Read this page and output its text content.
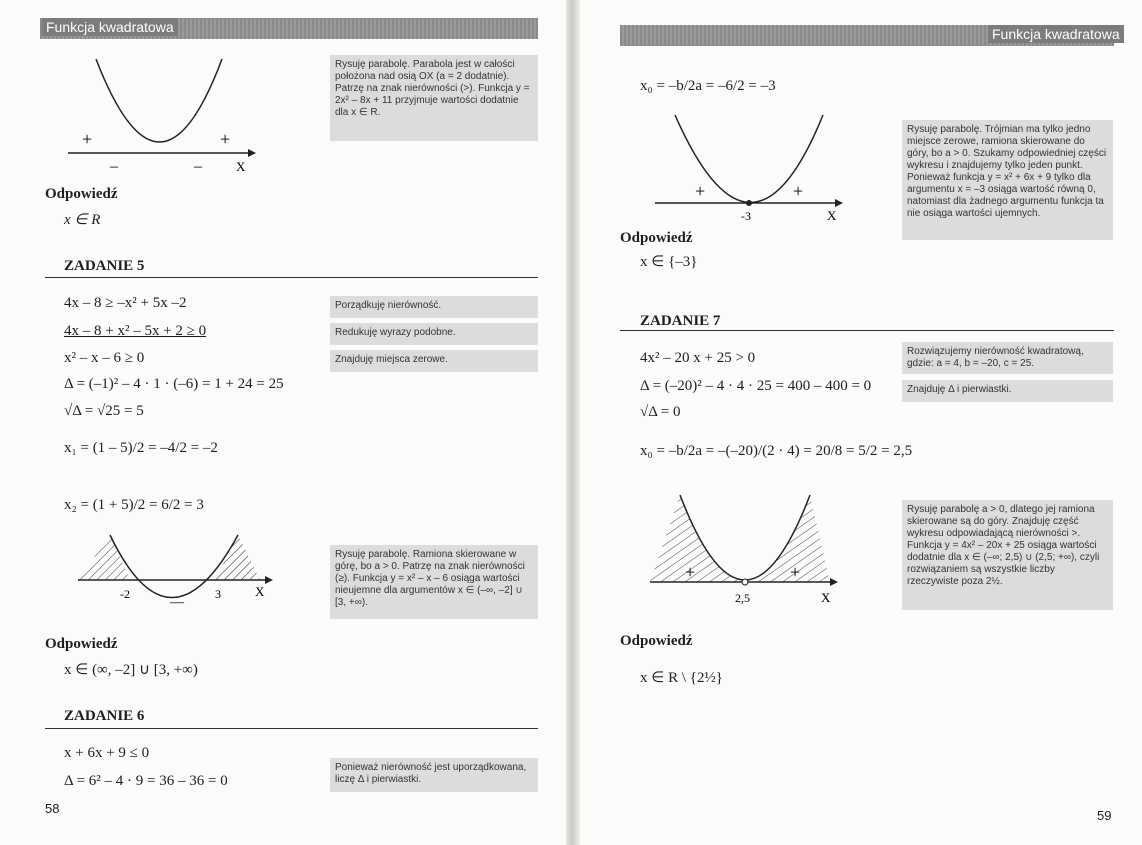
Funkcja kwadratowa
+	+
–	–	X
Rysuję parabolę. Parabola jest w całości położona nad osią OX (a = 2 dodatnie). Patrzę na znak nierówności (>). Funkcja y = 2x² – 8x + 11 przyjmuje wartości dodatnie dla x ∈ R.
Odpowiedź
x ∈ R
ZADANIE 5
4x – 8 ≥ –x² + 5x –2
4x – 8 + x² – 5x + 2 ≥ 0
x² – x – 6 ≥ 0
Δ = (–1)² – 4 · 1 · (–6) = 1 + 24 = 25
√Δ = √25 = 5
x₁ = (1 – 5)/2 = –4/2 = –2
x₂ = (1 + 5)/2 = 6/2 = 3
Porządkuję nierówność.
Redukuję wyrazy podobne.
Znajduję miejsca zerowe.
-2	3
—
X
Rysuję parabolę. Ramiona skierowane w górę, bo a > 0. Patrzę na znak nierówności (≥). Funkcja y = x² – x – 6 osiąga wartości nieujemne dla argumentów x ∈ (–∞, –2] ∪ [3, +∞).
Odpowiedź
x ∈ (∞, –2] ∪ [3, +∞)
ZADANIE 6
x + 6x + 9 ≤ 0
Δ = 6² – 4 · 9 = 36 – 36 = 0
Ponieważ nierówność jest uporządkowana, liczę Δ i pierwiastki.
58
Funkcja kwadratowa
x₀ = –b/2a = –6/2 = –3
+	+
-3	X
Rysuję parabolę. Trójmian ma tylko jedno miejsce zerowe, ramiona skierowane do góry, bo a > 0. Szukamy odpowiedniej części wykresu i znajdujemy tylko jeden punkt. Ponieważ funkcja y = x² + 6x + 9 tylko dla argumentu x = –3 osiąga wartość równą 0, natomiast dla żadnego argumentu funkcja ta nie osiąga wartości ujemnych.
Odpowiedź
x ∈ {–3}
ZADANIE 7
4x² – 20 x + 25 > 0
Δ = (–20)² – 4 · 4 · 25 = 400 – 400 = 0
√Δ = 0
x₀ = –b/2a = –(–20)/(2 · 4) = 20/8 = 5/2 = 2,5
Rozwiązujemy nierówność kwadratową, gdzie: a = 4, b = –20, c = 25.
Znajduję Δ i pierwiastki.
+	+
2,5	X
Rysuję parabolę a > 0, dlatego jej ramiona skierowane są do góry. Znajduję część wykresu odpowiadającą nierówności >. Funkcja y = 4x² – 20x + 25 osiąga wartości dodatnie dla x ∈ (–∞; 2,5) ∪ (2,5; +∞), czyli rozwiązaniem są wszystkie liczby rzeczywiste poza 2½.
Odpowiedź
x ∈ R \ {2½}
59
